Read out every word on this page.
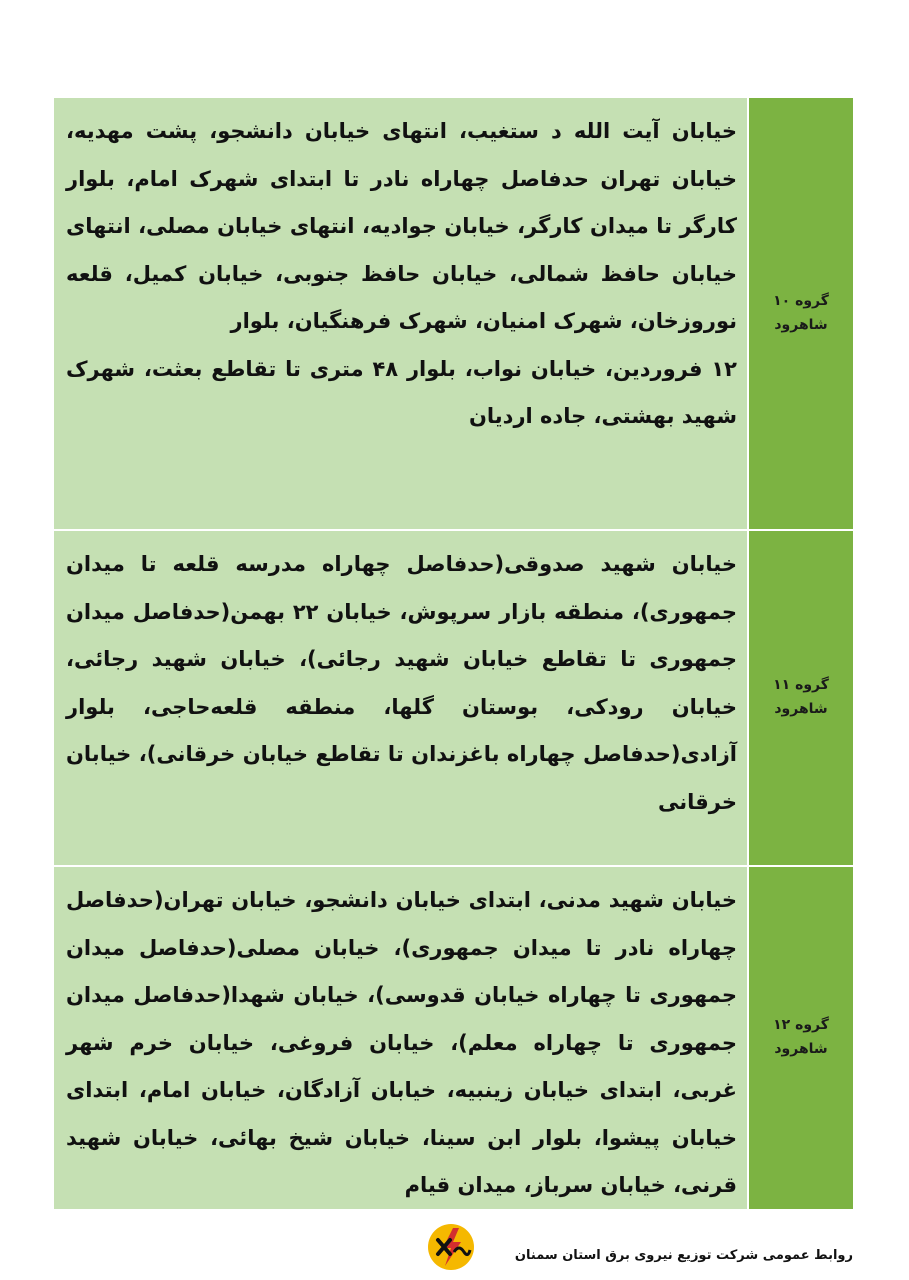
گروه ۱۰
شاهرود

خیابان آیت الله د ستغیب، انتهای خیابان دانشجو، پشت مهدیه، خیابان تهران حدفاصل چهاراه نادر تا ابتدای شهرک امام، بلوار کارگر تا میدان کارگر، خیابان جوادیه، انتهای خیابان مصلی، انتهای خیابان حافظ شمالی، خیابان حافظ جنوبی، خیابان کمیل، قلعه نوروزخان، شهرک امنیان، شهرک فرهنگیان، بلوار

۱۲ فروردین، خیابان نواب، بلوار ۴۸ متری تا تقاطع بعثت، شهرک شهید بهشتی، جاده اردیان

گروه ۱۱
شاهرود

خیابان شهید صدوقی(حدفاصل چهاراه مدرسه قلعه تا میدان جمهوری)، منطقه بازار سرپوش، خیابان ۲۲ بهمن(حدفاصل میدان جمهوری تا تقاطع خیابان شهید رجائی)، خیابان شهید رجائی، خیابان رودکی، بوستان گلها، منطقه قلعه‌حاجی، بلوار آزادی(حدفاصل چهاراه باغزندان تا تقاطع خیابان خرقانی)، خیابان خرقانی

گروه ۱۲
شاهرود

خیابان شهید مدنی، ابتدای خیابان دانشجو، خیابان تهران(حدفاصل چهاراه نادر تا میدان جمهوری)، خیابان مصلی(حدفاصل میدان جمهوری تا چهاراه خیابان قدوسی)، خیابان شهدا(حدفاصل میدان جمهوری تا چهاراه معلم)، خیابان فروغی، خیابان خرم شهر غربی، ابتدای خیابان زینبیه، خیابان آزادگان، خیابان امام، ابتدای خیابان پیشوا، بلوار ابن سینا، خیابان شیخ بهائی، خیابان شهید قرنی، خیابان سرباز، میدان قیام

روابط عمومی شرکت توزیع نیروی برق استان سمنان
